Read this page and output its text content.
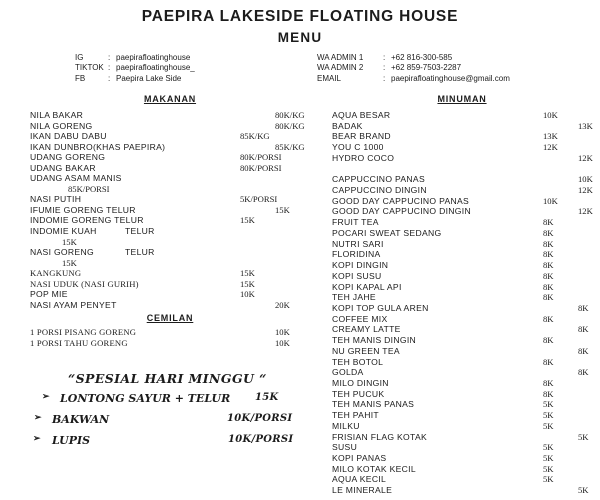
PAEPIRA LAKESIDE FLOATING HOUSE
MENU
IG	: paepirafloatinghouse
TIKTOK : paepirafloatinghouse_
FB	: Paepira Lake Side
WA ADMIN 1	: +62 816-300-585
WA ADMIN 2	: +62 859-7503-2287
EMAIL	: paepirafloatinghouse@gmail.com
MAKANAN	MINUMAN
CEMILAN
NILA BAKAR	80K/KG
NILA GORENG	80K/KG
IKAN DABU DABU	85K/KG
IKAN DUNBRO(KHAS PAEPIRA)	85K/KG
UDANG GORENG	80K/PORSI
UDANG BAKAR	80K/PORSI
UDANG ASAM MANIS
85K/PORSI
NASI PUTIH	5K/PORSI
IFUMIE GORENG TELUR	15K
INDOMIE GORENG TELUR	15K
INDOMIE KUAH	TELUR
15K
NASI GORENG	TELUR
15K
KANGKUNG	15K
NASI UDUK (NASI GURIH)	15K
POP MIE	10K
NASI AYAM PENYET	20K
AQUA BESAR	10K
BADAK	13K
BEAR BRAND	13K
YOU C 1000	12K
HYDRO COCO	12K
CAPPUCCINO PANAS	10K
CAPPUCCINO DINGIN	12K
GOOD DAY CAPPUCINO PANAS	10K
GOOD DAY CAPPUCINO DINGIN	12K
FRUIT TEA	8K
POCARI SWEAT SEDANG	8K
NUTRI SARI	8K
FLORIDINA	8K
KOPI DINGIN	8K
KOPI SUSU	8K
KOPI KAPAL API	8K
TEH JAHE	8K
KOPI TOP GULA AREN	8K
COFFEE MIX	8K
CREAMY LATTE	8K
TEH MANIS DINGIN	8K
NU GREEN TEA	8K
TEH BOTOL	8K
GOLDA	8K
MILO DINGIN	8K
TEH PUCUK	8K
TEH MANIS PANAS	5K
TEH PAHIT	5K
MILKU	5K
FRISIAN FLAG KOTAK	5K
SUSU	5K
KOPI PANAS	5K
MILO KOTAK KECIL	5K
AQUA KECIL	5K
LE MINERALE	5K
1 PORSI PISANG GORENG	10K
1 PORSI TAHU GORENG	10K
“SPESIAL HARI MINGGU “
➢ LONTONG SAYUR + TELUR 15K
➢ BAKWAN	10K/PORSI
➢ LUPIS	10K/PORSI
